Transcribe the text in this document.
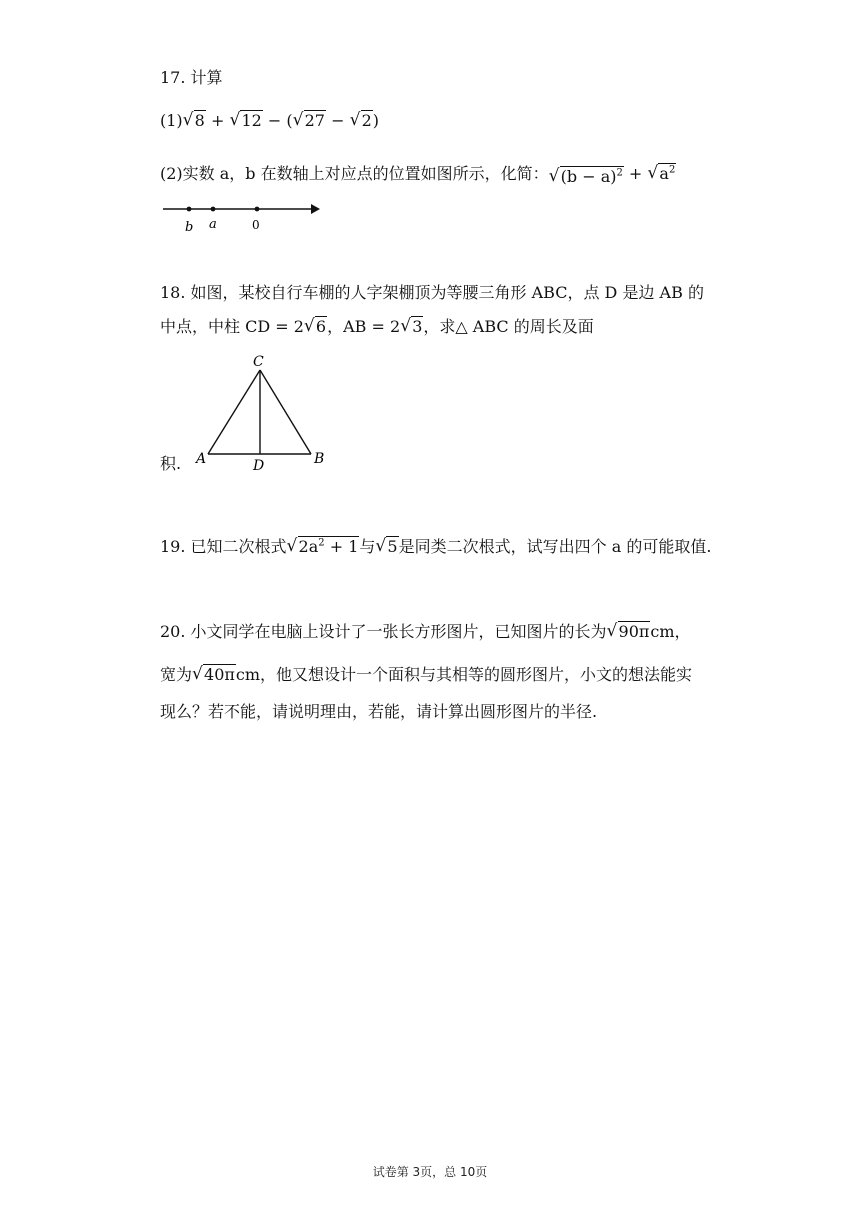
17. 计算
(1) √ 8 + √ 12 − ( √ 27 − √ 2)
(2)实数 a，b 在数轴上对应点的位置如图所示，化简： √ $(b - a)^2$ + √ $a^2$
b a	0
18. 如图，某校自行车棚的人字架棚顶为等腰三角形 ABC，点 D 是边 AB 的
中点，中柱 CD = 2 √ 6，AB = 2 √ 3，求△ ABC 的周长及面
C
A	D	B
积.
19. 已知二次根式 √ $2a^2 + 1$与 √ 5是同类二次根式，试写出四个 a 的可能取值.
20. 小文同学在电脑上设计了一张长方形图片，已知图片的长为 √ 90πcm，
宽为 √ 40πcm，他又想设计一个面积与其相等的圆形图片，小文的想法能实
现么？若不能，请说明理由，若能，请计算出圆形图片的半径.
试卷第 3页，总 10页
